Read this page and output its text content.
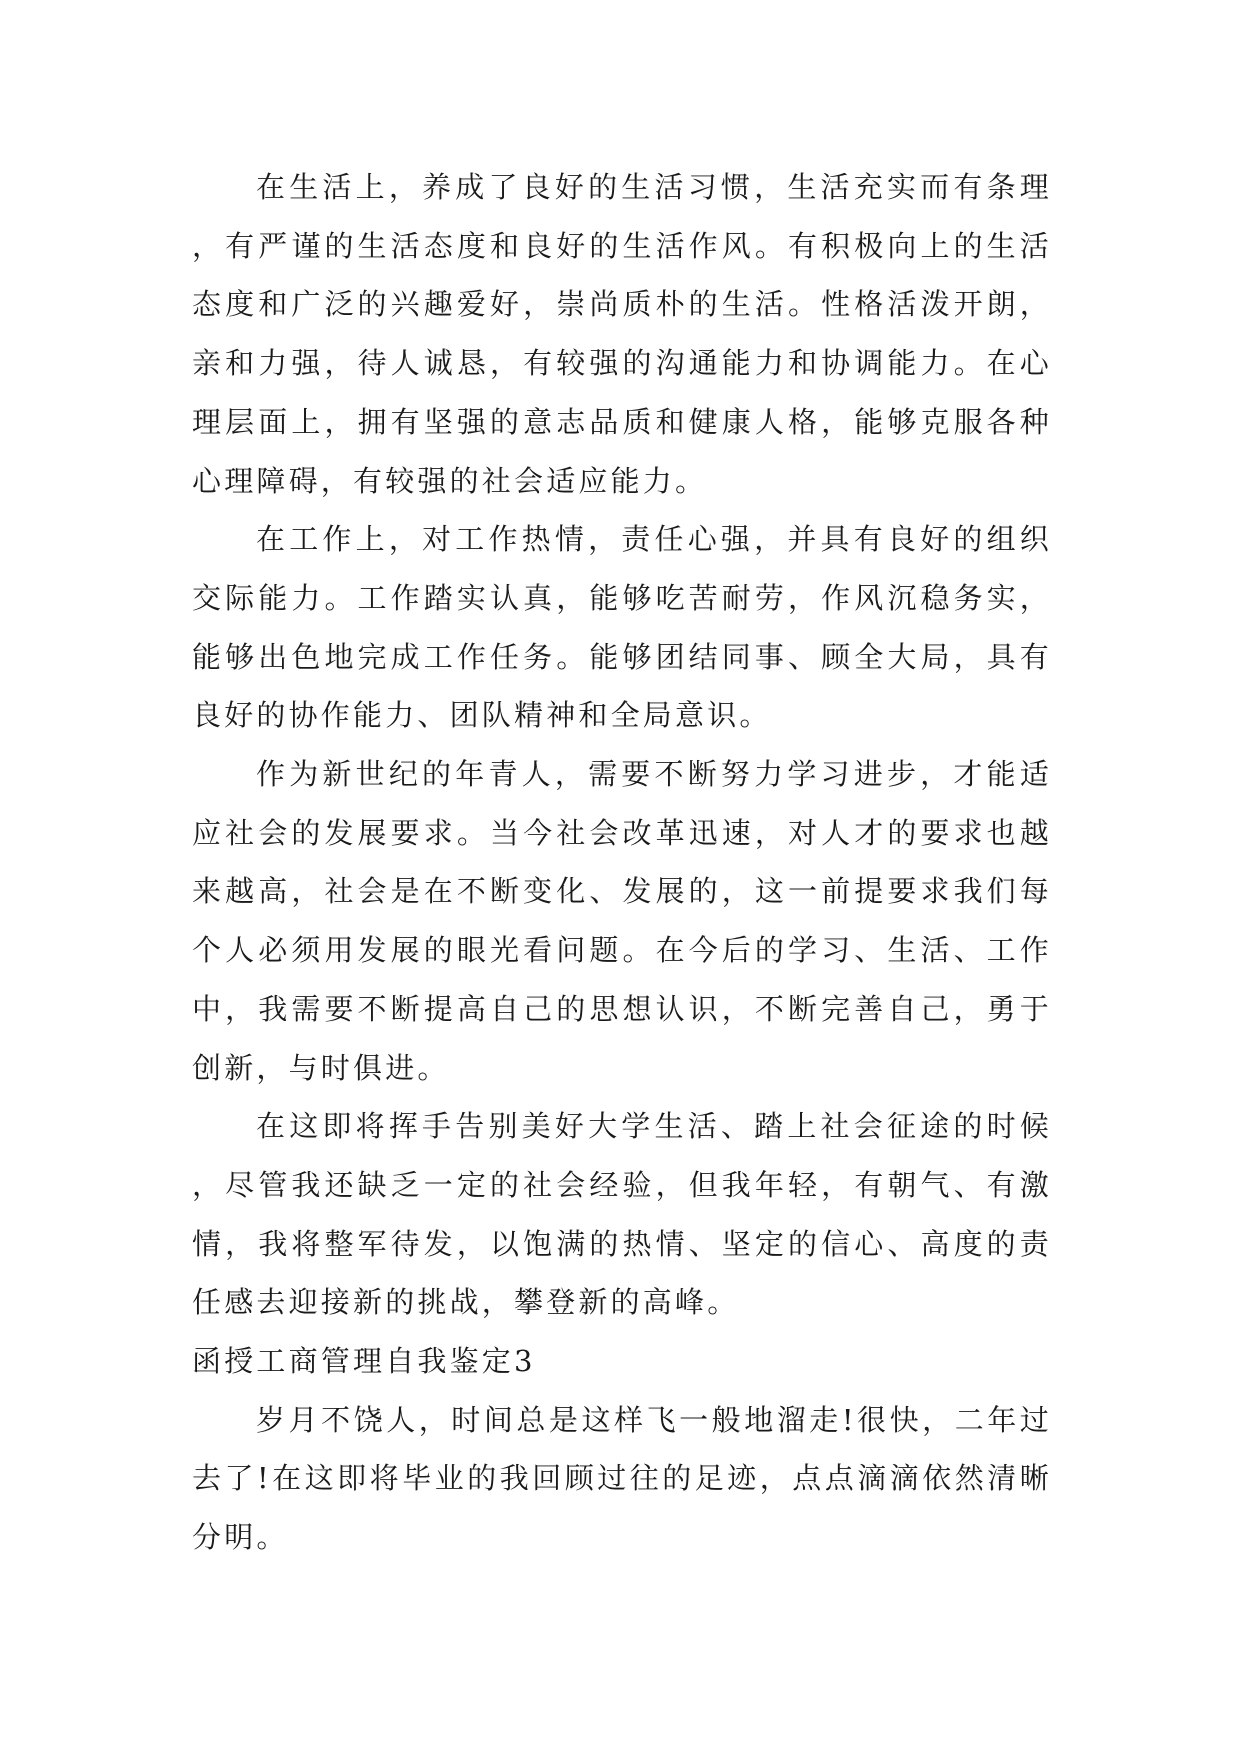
在生活上，养成了良好的生活习惯，生活充实而有条理，有严谨的生活态度和良好的生活作风。有积极向上的生活态度和广泛的兴趣爱好，崇尚质朴的生活。性格活泼开朗，亲和力强，待人诚恳，有较强的沟通能力和协调能力。在心理层面上，拥有坚强的意志品质和健康人格，能够克服各种心理障碍，有较强的社会适应能力。

在工作上，对工作热情，责任心强，并具有良好的组织交际能力。工作踏实认真，能够吃苦耐劳，作风沉稳务实，能够出色地完成工作任务。能够团结同事、顾全大局，具有良好的协作能力、团队精神和全局意识。

作为新世纪的年青人，需要不断努力学习进步，才能适应社会的发展要求。当今社会改革迅速，对人才的要求也越来越高，社会是在不断变化、发展的，这一前提要求我们每个人必须用发展的眼光看问题。在今后的学习、生活、工作中，我需要不断提高自己的思想认识，不断完善自己，勇于创新，与时俱进。

在这即将挥手告别美好大学生活、踏上社会征途的时候，尽管我还缺乏一定的社会经验，但我年轻，有朝气、有激情，我将整军待发，以饱满的热情、坚定的信心、高度的责任感去迎接新的挑战，攀登新的高峰。

函授工商管理自我鉴定3

岁月不饶人，时间总是这样飞一般地溜走!很快，二年过去了!在这即将毕业的我回顾过往的足迹，点点滴滴依然清晰分明。
